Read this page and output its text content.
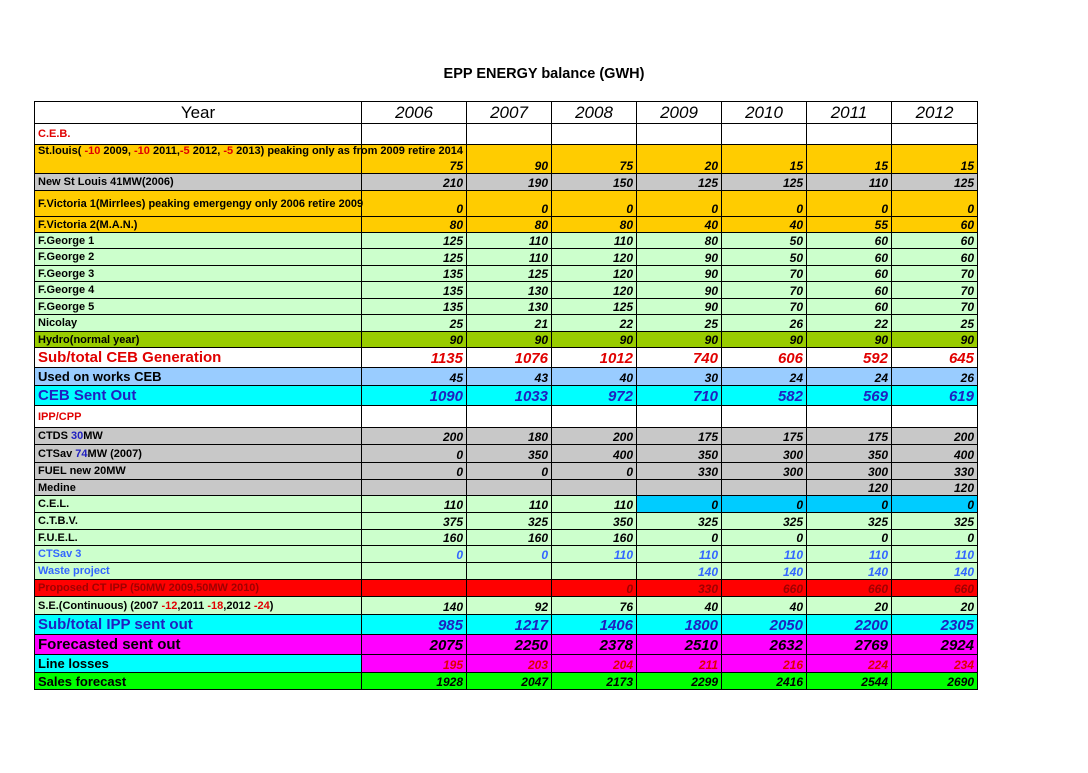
EPP ENERGY balance (GWH)
Year	2006	2007	2008	2009	2010	2011	2012
C.E.B.							
St.louis( -10 2009, -10 2011,-5 2012, -5 2013) peaking only as from 2009 retire 2014	75	90	75	20	15	15	15
New St Louis 41MW(2006)	210	190	150	125	125	110	125
F.Victoria 1(Mirrlees) peaking emergengy only 2006 retire 2009	0	0	0	0	0	0	0
F.Victoria 2(M.A.N.)	80	80	80	40	40	55	60
F.George 1	125	110	110	80	50	60	60
F.George 2	125	110	120	90	50	60	60
F.George 3	135	125	120	90	70	60	70
F.George 4	135	130	120	90	70	60	70
F.George 5	135	130	125	90	70	60	70
Nicolay	25	21	22	25	26	22	25
Hydro(normal year)	90	90	90	90	90	90	90
Sub/total CEB Generation	1135	1076	1012	740	606	592	645
Used on works CEB	45	43	40	30	24	24	26
CEB Sent Out	1090	1033	972	710	582	569	619
IPP/CPP							
CTDS 30MW	200	180	200	175	175	175	200
CTSav 74MW (2007)	0	350	400	350	300	350	400
FUEL new 20MW	0	0	0	330	300	300	330
Medine						120	120
C.E.L.	110	110	110	0	0	0	0
C.T.B.V.	375	325	350	325	325	325	325
F.U.E.L.	160	160	160	0	0	0	0
CTSav 3	0	0	110	110	110	110	110
Waste project				140	140	140	140
Proposed CT IPP (50MW 2009,50MW 2010)			0	330	660	660	660
S.E.(Continuous) (2007 -12,2011 -18,2012 -24)	140	92	76	40	40	20	20
Sub/total IPP sent out	985	1217	1406	1800	2050	2200	2305
Forecasted sent out	2075	2250	2378	2510	2632	2769	2924
Line losses	195	203	204	211	216	224	234
Sales forecast	1928	2047	2173	2299	2416	2544	2690
